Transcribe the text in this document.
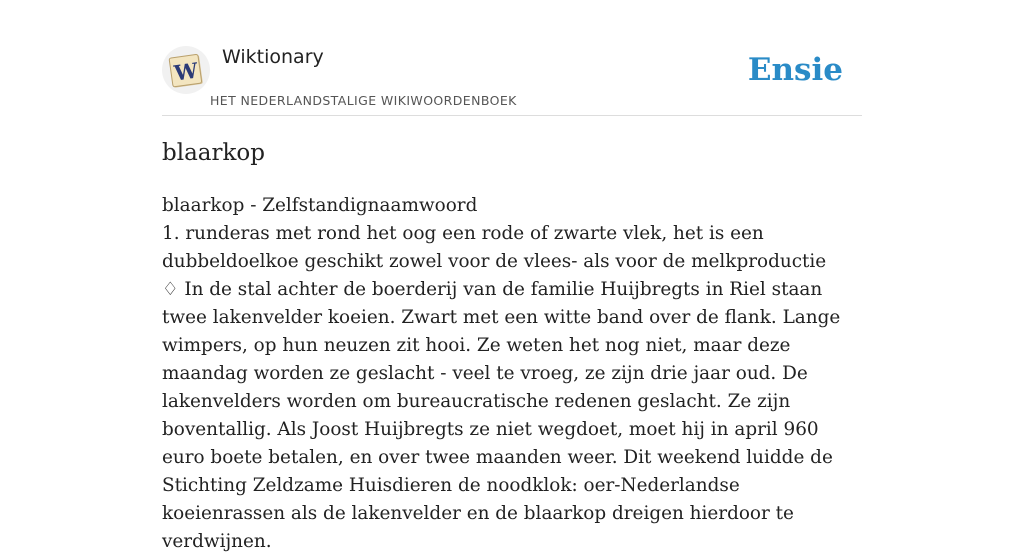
W
Wiktionary
HET NEDERLANDSTALIGE WIKIWOORDENBOEK
Ensie
blaarkop

blaarkop - Zelfstandignaamwoord

1. runderas met rond het oog een rode of zwarte vlek, het is een dubbeldoelkoe geschikt zowel voor de vlees- als voor de melkproductie

♢ In de stal achter de boerderij van de familie Huijbregts in Riel staan twee lakenvelder koeien. Zwart met een witte band over de flank. Lange wimpers, op hun neuzen zit hooi. Ze weten het nog niet, maar deze maandag worden ze geslacht - veel te vroeg, ze zijn drie jaar oud. De lakenvelders worden om bureaucratische redenen geslacht. Ze zijn boventallig. Als Joost Huijbregts ze niet wegdoet, moet hij in april 960 euro boete betalen, en over twee maanden weer. Dit weekend luidde de Stichting Zeldzame Huisdieren de noodklok: oer-Nederlandse koeienrassen als de lakenvelder en de blaarkop dreigen hierdoor te verdwijnen.
